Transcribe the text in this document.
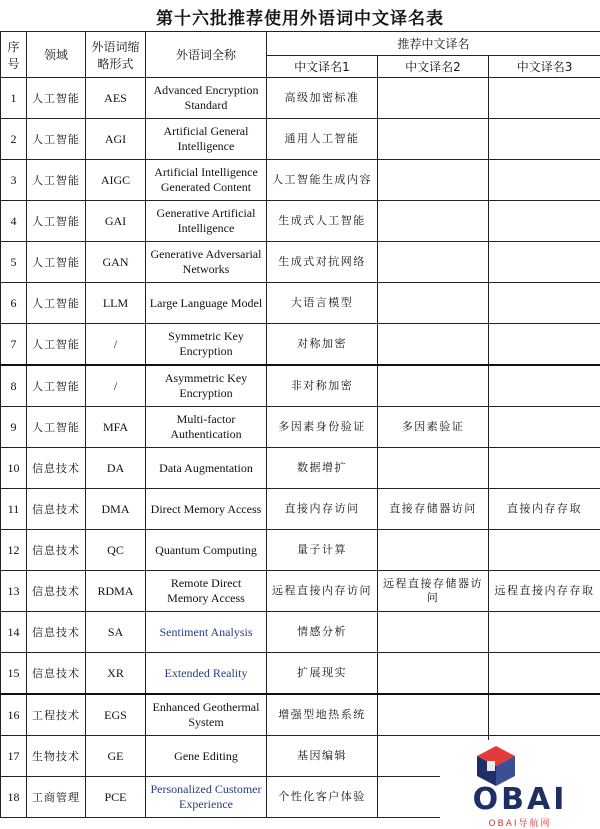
第十六批推荐使用外语词中文译名表
序号	领域	外语词缩略形式	外语词全称	推荐中文译名		
				中文译名1	中文译名2	中文译名3
1	人工智能	AES	Advanced Encryption Standard	高级加密标准		
2	人工智能	AGI	Artificial General Intelligence	通用人工智能		
3	人工智能	AIGC	Artificial Intelligence Generated Content	人工智能生成内容		
4	人工智能	GAI	Generative Artificial Intelligence	生成式人工智能		
5	人工智能	GAN	Generative Adversarial Networks	生成式对抗网络		
6	人工智能	LLM	Large Language Model	大语言模型		
7	人工智能	/	Symmetric Key Encryption	对称加密		
8	人工智能	/	Asymmetric Key Encryption	非对称加密		
9	人工智能	MFA	Multi-factor Authentication	多因素身份验证	多因素验证	
10	信息技术	DA	Data Augmentation	数据增扩		
11	信息技术	DMA	Direct Memory Access	直接内存访问	直接存储器访问	直接内存存取
12	信息技术	QC	Quantum Computing	量子计算		
13	信息技术	RDMA	Remote Direct Memory Access	远程直接内存访问	远程直接存储器访问	远程直接内存存取
14	信息技术	SA	Sentiment Analysis	情感分析		
15	信息技术	XR	Extended Reality	扩展现实		
16	工程技术	EGS	Enhanced Geothermal System	增强型地热系统		
17	生物技术	GE	Gene Editing	基因编辑		
18	工商管理	PCE	Personalized Customer Experience	个性化客户体验			OBAI
OBAI导航网
